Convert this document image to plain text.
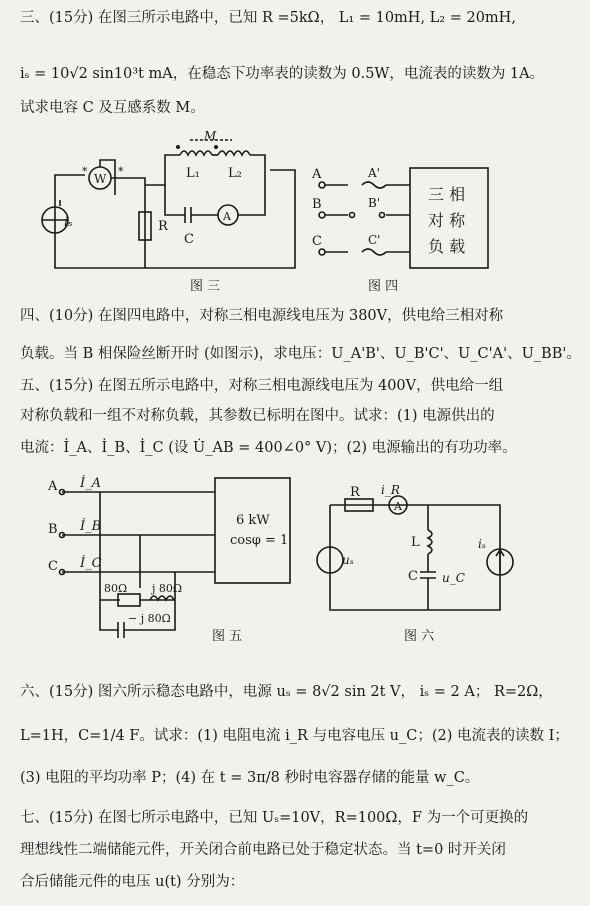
三、(15分) 在图三所示电路中，已知 R =5kΩ， L₁ = 10mH, L₂ = 20mH,
iₛ = 10√2 sin10³t mA，在稳态下功率表的读数为 0.5W，电流表的读数为 1A。
试求电容 C 及互感系数 M。
iₛ
W
*
*
R
L₁ L₂
M
A
C
图 三
三 相
对 称
负 载
A	A'
B	B'
C	C'
图 四
A
B
C
İ_A
İ_B
İ_C
6 kW
cosφ = 1
80Ω j 80Ω
− j 80Ω
图 五
A
R i_R
uₛ
L
C u_C
iₛ
图 六
四、(10分) 在图四电路中，对称三相电源线电压为 380V，供电给三相对称
负载。当 B 相保险丝断开时 (如图示)，求电压：U_A'B'、U_B'C'、U_C'A'、U_BB'。
五、(15分) 在图五所示电路中，对称三相电源线电压为 400V，供电给一组
对称负载和一组不对称负载，其参数已标明在图中。试求：(1) 电源供出的
电流：İ_A、İ_B、İ_C (设 U̇_AB = 400∠0° V)；(2) 电源输出的有功功率。
六、(15分) 图六所示稳态电路中，电源 uₛ = 8√2 sin 2t V， iₛ = 2 A； R=2Ω，
L=1H，C=1/4 F。试求：(1) 电阻电流 i_R 与电容电压 u_C；(2) 电流表的读数 I；
(3) 电阻的平均功率 P；(4) 在 t = 3π/8 秒时电容器存储的能量 w_C。
七、(15分) 在图七所示电路中，已知 Uₛ=10V，R=100Ω，F 为一个可更换的
理想线性二端储能元件，开关闭合前电路已处于稳定状态。当 t=0 时开关闭
合后储能元件的电压 u(t) 分别为：
